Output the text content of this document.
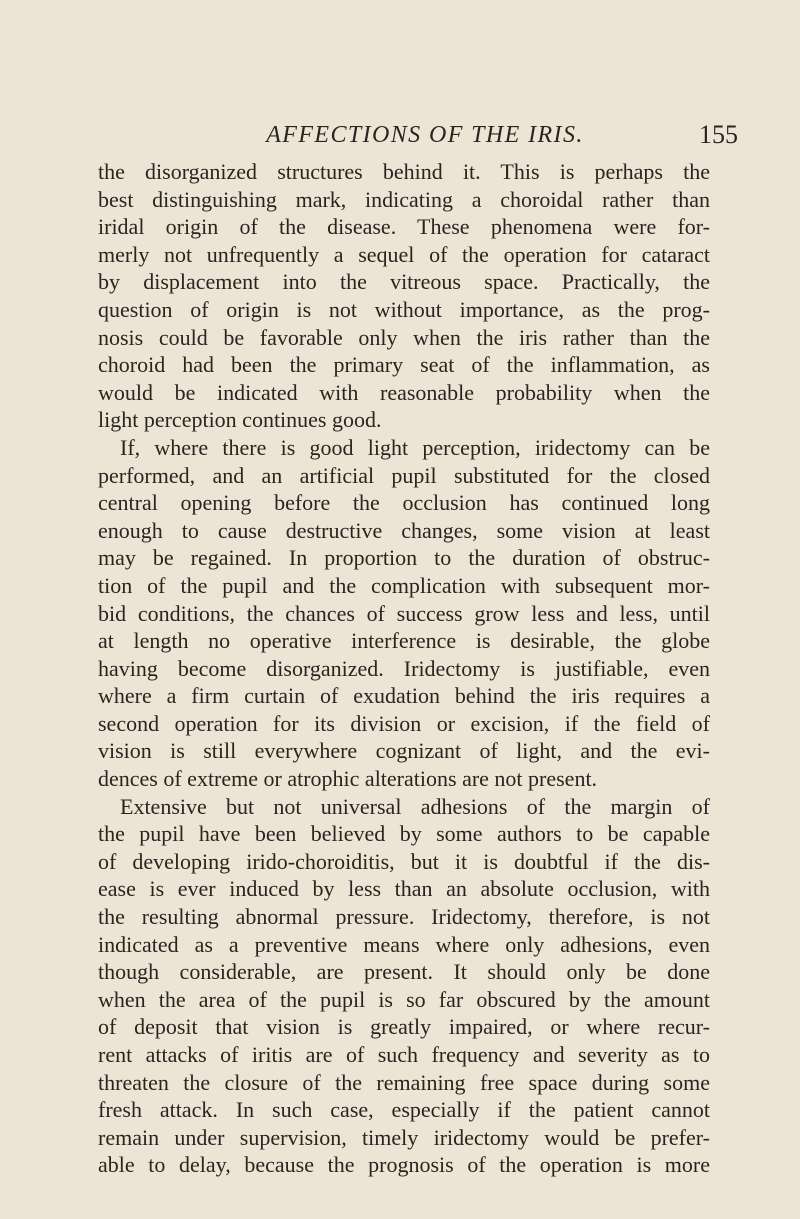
AFFECTIONS OF THE IRIS.	155
the disorganized structures behind it. This is perhaps the
best distinguishing mark, indicating a choroidal rather than
iridal origin of the disease. These phenomena were for-
merly not unfrequently a sequel of the operation for cataract
by displacement into the vitreous space. Practically, the
question of origin is not without importance, as the prog-
nosis could be favorable only when the iris rather than the
choroid had been the primary seat of the inflammation, as
would be indicated with reasonable probability when the
light perception continues good.
If, where there is good light perception, iridectomy can be
performed, and an artificial pupil substituted for the closed
central opening before the occlusion has continued long
enough to cause destructive changes, some vision at least
may be regained. In proportion to the duration of obstruc-
tion of the pupil and the complication with subsequent mor-
bid conditions, the chances of success grow less and less, until
at length no operative interference is desirable, the globe
having become disorganized. Iridectomy is justifiable, even
where a firm curtain of exudation behind the iris requires a
second operation for its division or excision, if the field of
vision is still everywhere cognizant of light, and the evi-
dences of extreme or atrophic alterations are not present.
Extensive but not universal adhesions of the margin of
the pupil have been believed by some authors to be capable
of developing irido-choroiditis, but it is doubtful if the dis-
ease is ever induced by less than an absolute occlusion, with
the resulting abnormal pressure. Iridectomy, therefore, is not
indicated as a preventive means where only adhesions, even
though considerable, are present. It should only be done
when the area of the pupil is so far obscured by the amount
of deposit that vision is greatly impaired, or where recur-
rent attacks of iritis are of such frequency and severity as to
threaten the closure of the remaining free space during some
fresh attack. In such case, especially if the patient cannot
remain under supervision, timely iridectomy would be prefer-
able to delay, because the prognosis of the operation is more
